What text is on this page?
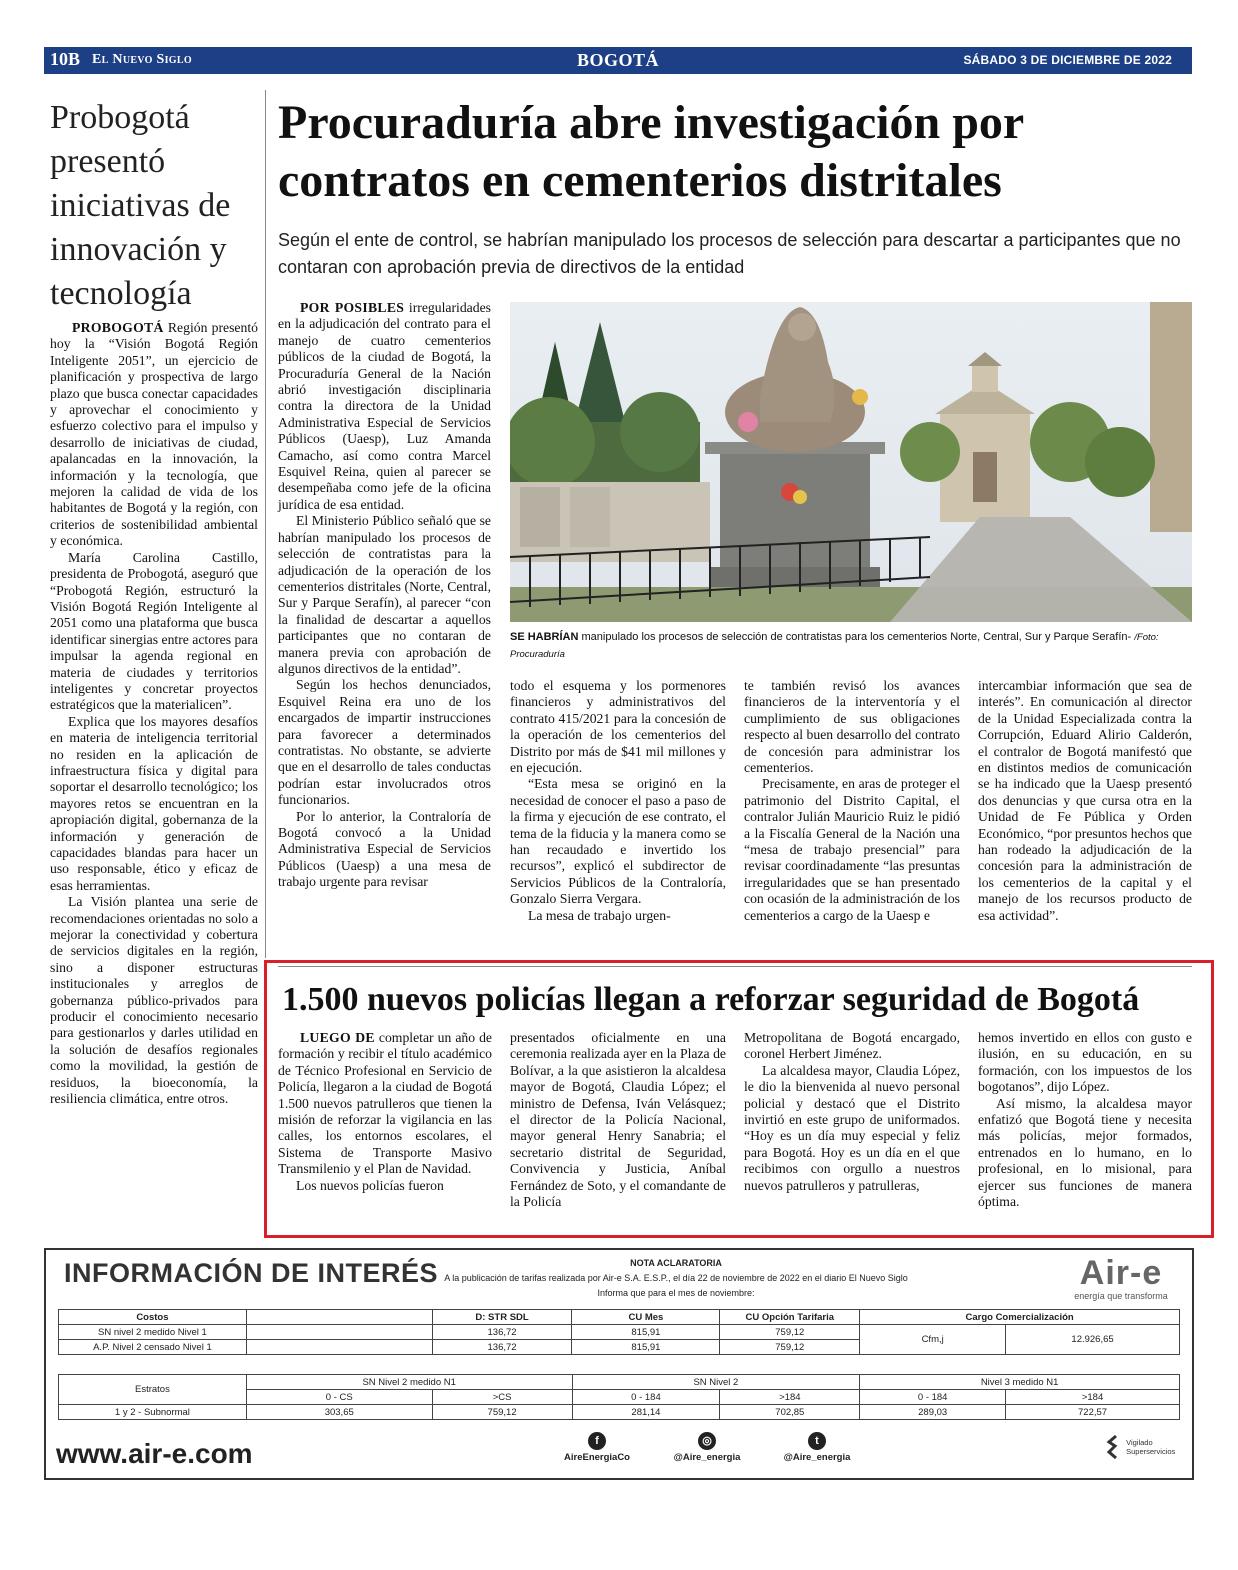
10B El Nuevo Siglo	BOGOTÁ	SÁBADO 3 DE DICIEMBRE DE 2022
Probogotá presentó iniciativas de innovación y tecnología

PROBOGOTÁ Región presentó hoy la “Visión Bogotá Región Inteligente 2051”, un ejercicio de planificación y prospectiva de largo plazo que busca conectar capacidades y aprovechar el conocimiento y esfuerzo colectivo para el impulso y desarrollo de iniciativas de ciudad, apalancadas en la innovación, la información y la tecnología, que mejoren la calidad de vida de los habitantes de Bogotá y la región, con criterios de sostenibilidad ambiental y económica.

María Carolina Castillo, presidenta de Probogotá, aseguró que “Probogotá Región, estructuró la Visión Bogotá Región Inteligente al 2051 como una plataforma que busca identificar sinergias entre actores para impulsar la agenda regional en materia de ciudades y territorios inteligentes y concretar proyectos estratégicos que la materialicen”.

Explica que los mayores desafíos en materia de inteligencia territorial no residen en la aplicación de infraestructura física y digital para soportar el desarrollo tecnológico; los mayores retos se encuentran en la apropiación digital, gobernanza de la información y generación de capacidades blandas para hacer un uso responsable, ético y eficaz de esas herramientas.

La Visión plantea una serie de recomendaciones orientadas no solo a mejorar la conectividad y cobertura de servicios digitales en la región, sino a disponer estructuras institucionales y arreglos de gobernanza público-privados para producir el conocimiento necesario para gestionarlos y darles utilidad en la solución de desafíos regionales como la movilidad, la gestión de residuos, la bioeconomía, la resiliencia climática, entre otros.

Procuraduría abre investigación por contratos en cementerios distritales
Según el ente de control, se habrían manipulado los procesos de selección para descartar a participantes que no contaran con aprobación previa de directivos de la entidad

POR POSIBLES irregularidades en la adjudicación del contrato para el manejo de cuatro cementerios públicos de la ciudad de Bogotá, la Procuraduría General de la Nación abrió investigación disciplinaria contra la directora de la Unidad Administrativa Especial de Servicios Públicos (Uaesp), Luz Amanda Camacho, así como contra Marcel Esquivel Reina, quien al parecer se desempeñaba como jefe de la oficina jurídica de esa entidad.

El Ministerio Público señaló que se habrían manipulado los procesos de selección de contratistas para la adjudicación de la operación de los cementerios distritales (Norte, Central, Sur y Parque Serafín), al parecer “con la finalidad de descartar a aquellos participantes que no contaran de manera previa con aprobación de algunos directivos de la entidad”.

Según los hechos denunciados, Esquivel Reina era uno de los encargados de impartir instrucciones para favorecer a determinados contratistas. No obstante, se advierte que en el desarrollo de tales conductas podrían estar involucrados otros funcionarios.

Por lo anterior, la Contraloría de Bogotá convocó a la Unidad Administrativa Especial de Servicios Públicos (Uaesp) a una mesa de trabajo urgente para revisar

SE HABRÍAN manipulado los procesos de selección de contratistas para los cementerios Norte, Central, Sur y Parque Serafín- /Foto: Procuraduría

todo el esquema y los pormenores financieros y administrativos del contrato 415/2021 para la concesión de la operación de los cementerios del Distrito por más de $41 mil millones y en ejecución.

“Esta mesa se originó en la necesidad de conocer el paso a paso de la firma y ejecución de ese contrato, el tema de la fiducia y la manera como se han recaudado e invertido los recursos”, explicó el subdirector de Servicios Públicos de la Contraloría, Gonzalo Sierra Vergara.

La mesa de trabajo urgen-

te también revisó los avances financieros de la interventoría y el cumplimiento de sus obligaciones respecto al buen desarrollo del contrato de concesión para administrar los cementerios.

Precisamente, en aras de proteger el patrimonio del Distrito Capital, el contralor Julián Mauricio Ruiz le pidió a la Fiscalía General de la Nación una “mesa de trabajo presencial” para revisar coordinadamente “las presuntas irregularidades que se han presentado con ocasión de la administración de los cementerios a cargo de la Uaesp e

intercambiar información que sea de interés”. En comunicación al director de la Unidad Especializada contra la Corrupción, Eduard Alirio Calderón, el contralor de Bogotá manifestó que en distintos medios de comunicación se ha indicado que la Uaesp presentó dos denuncias y que cursa otra en la Unidad de Fe Pública y Orden Económico, “por presuntos hechos que han rodeado la adjudicación de la concesión para la administración de los cementerios de la capital y el manejo de los recursos producto de esa actividad”.

1.500 nuevos policías llegan a reforzar seguridad de Bogotá

LUEGO DE completar un año de formación y recibir el título académico de Técnico Profesional en Servicio de Policía, llegaron a la ciudad de Bogotá 1.500 nuevos patrulleros que tienen la misión de reforzar la vigilancia en las calles, los entornos escolares, el Sistema de Transporte Masivo Transmilenio y el Plan de Navidad.

Los nuevos policías fueron

presentados oficialmente en una ceremonia realizada ayer en la Plaza de Bolívar, a la que asistieron la alcaldesa mayor de Bogotá, Claudia López; el ministro de Defensa, Iván Velásquez; el director de la Policía Nacional, mayor general Henry Sanabria; el secretario distrital de Seguridad, Convivencia y Justicia, Aníbal Fernández de Soto, y el comandante de la Policía

Metropolitana de Bogotá encargado, coronel Herbert Jiménez.

La alcaldesa mayor, Claudia López, le dio la bienvenida al nuevo personal policial y destacó que el Distrito invirtió en este grupo de uniformados. “Hoy es un día muy especial y feliz para Bogotá. Hoy es un día en el que recibimos con orgullo a nuestros nuevos patrulleros y patrulleras,

hemos invertido en ellos con gusto e ilusión, en su educación, en su formación, con los impuestos de los bogotanos”, dijo López.

Así mismo, la alcaldesa mayor enfatizó que Bogotá tiene y necesita más policías, mejor formados, entrenados en lo humano, en lo profesional, en lo misional, para ejercer sus funciones de manera óptima.

INFORMACIÓN DE INTERÉS	NOTA ACLARATORIA
A la publicación de tarifas realizada por Air-e S.A. E.S.P., el día 22 de noviembre de 2022 en el diario El Nuevo Siglo
Informa que para el mes de noviembre:
Air-e
energía que transforma
Costos		D: STR SDL	CU Mes	CU Opción Tarifaria	Cargo Comercialización	
SN nivel 2 medido Nivel 1		136,72	815,91	759,12	Cfm,j	12.926,65
A.P. Nivel 2 censado Nivel 1		136,72	815,91	759,12		
Estratos	SN Nivel 2 medido N1		SN Nivel 2		Nivel 3 medido N1	
	0 - CS	>CS	0 - 184	>184	0 - 184	>184
1 y 2 - Subnormal	303,65	759,12	281,14	702,85	289,03	722,57
www.air-e.com	f
AireEnergiaCo
◎
@Aire_energia
t
@Aire_energia

Vigilado
Superservicios
